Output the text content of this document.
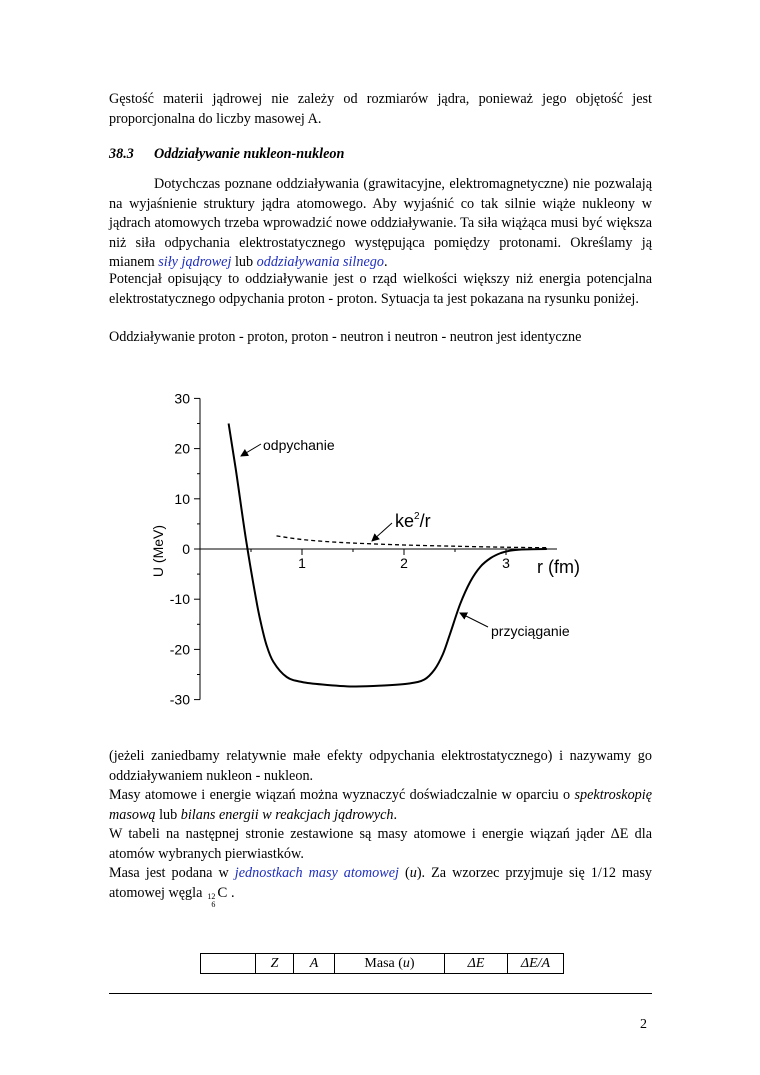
Gęstość materii jądrowej nie zależy od rozmiarów jądra, ponieważ jego objętość jest proporcjonalna do liczby masowej A.

38.3 Oddziaływanie nukleon-nukleon

Dotychczas poznane oddziaływania (grawitacyjne, elektromagnetyczne) nie pozwalają na wyjaśnienie struktury jądra atomowego. Aby wyjaśnić co tak silnie wiąże nukleony w jądrach atomowych trzeba wprowadzić nowe oddziaływanie. Ta siła wiążąca musi być większa niż siła odpychania elektrostatycznego występująca pomiędzy protonami. Określamy ją mianem siły jądrowej lub oddziaływania silnego.

Potencjał opisujący to oddziaływanie jest o rząd wielkości większy niż energia potencjalna elektrostatycznego odpychania proton - proton. Sytuacja ta jest pokazana na rysunku poniżej.

Oddziaływanie proton - proton, proton - neutron i neutron - neutron jest identyczne

30
20
10
0
-10
-20
-30
1	2	3
U (MeV)	r (fm)
odpychanie
$ke^2/r$
przyciąganie

(jeżeli zaniedbamy relatywnie małe efekty odpychania elektrostatycznego) i nazywamy go oddziaływaniem nukleon - nukleon.

Masy atomowe i energie wiązań można wyznaczyć doświadczalnie w oparciu o spektroskopię masową lub bilans energii w reakcjach jądrowych.

W tabeli na następnej stronie zestawione są masy atomowe i energie wiązań jąder ΔE dla atomów wybranych pierwiastków.

Masa jest podana w jednostkach masy atomowej (u). Za wzorzec przyjmuje się 1/12 masy atomowej węgla 12
6
C .

	Z	A	Masa (u)	ΔE	ΔE/A
2
